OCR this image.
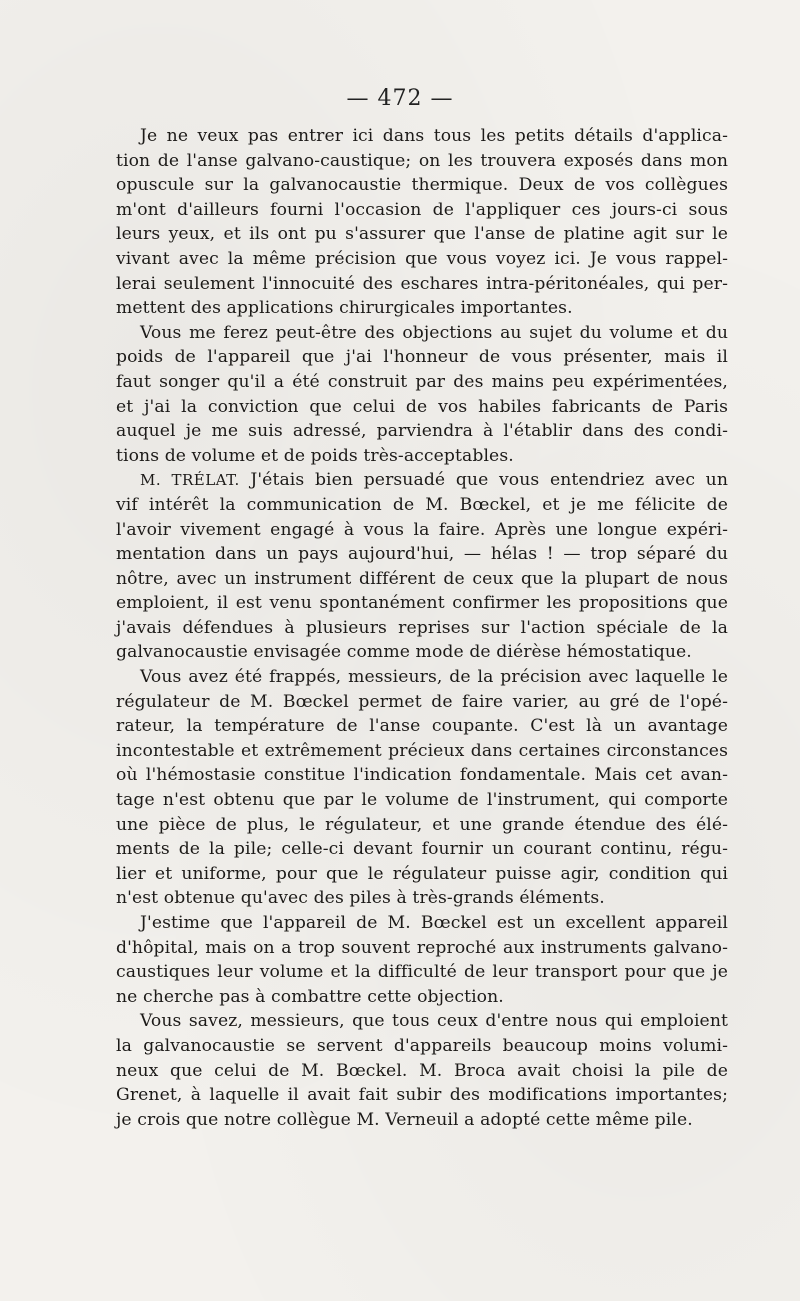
— 472 —
Je ne veux pas entrer ici dans tous les petits détails d'applica-
tion de l'anse galvano-caustique; on les trouvera exposés dans mon
opuscule sur la galvanocaustie thermique. Deux de vos collègues
m'ont d'ailleurs fourni l'occasion de l'appliquer ces jours-ci sous
leurs yeux, et ils ont pu s'assurer que l'anse de platine agit sur le
vivant avec la même précision que vous voyez ici. Je vous rappel-
lerai seulement l'innocuité des eschares intra-péritonéales, qui per-
mettent des applications chirurgicales importantes.
Vous me ferez peut-être des objections au sujet du volume et du
poids de l'appareil que j'ai l'honneur de vous présenter, mais il
faut songer qu'il a été construit par des mains peu expérimentées,
et j'ai la conviction que celui de vos habiles fabricants de Paris
auquel je me suis adressé, parviendra à l'établir dans des condi-
tions de volume et de poids très-acceptables.
M. TRÉLAT. J'étais bien persuadé que vous entendriez avec un
vif intérêt la communication de M. Bœckel, et je me félicite de
l'avoir vivement engagé à vous la faire. Après une longue expéri-
mentation dans un pays aujourd'hui, — hélas ! — trop séparé du
nôtre, avec un instrument différent de ceux que la plupart de nous
emploient, il est venu spontanément confirmer les propositions que
j'avais défendues à plusieurs reprises sur l'action spéciale de la
galvanocaustie envisagée comme mode de diérèse hémostatique.
Vous avez été frappés, messieurs, de la précision avec laquelle le
régulateur de M. Bœckel permet de faire varier, au gré de l'opé-
rateur, la température de l'anse coupante. C'est là un avantage
incontestable et extrêmement précieux dans certaines circonstances
où l'hémostasie constitue l'indication fondamentale. Mais cet avan-
tage n'est obtenu que par le volume de l'instrument, qui comporte
une pièce de plus, le régulateur, et une grande étendue des élé-
ments de la pile; celle-ci devant fournir un courant continu, régu-
lier et uniforme, pour que le régulateur puisse agir, condition qui
n'est obtenue qu'avec des piles à très-grands éléments.
J'estime que l'appareil de M. Bœckel est un excellent appareil
d'hôpital, mais on a trop souvent reproché aux instruments galvano-
caustiques leur volume et la difficulté de leur transport pour que je
ne cherche pas à combattre cette objection.
Vous savez, messieurs, que tous ceux d'entre nous qui emploient
la galvanocaustie se servent d'appareils beaucoup moins volumi-
neux que celui de M. Bœckel. M. Broca avait choisi la pile de
Grenet, à laquelle il avait fait subir des modifications importantes;
je crois que notre collègue M. Verneuil a adopté cette même pile.
